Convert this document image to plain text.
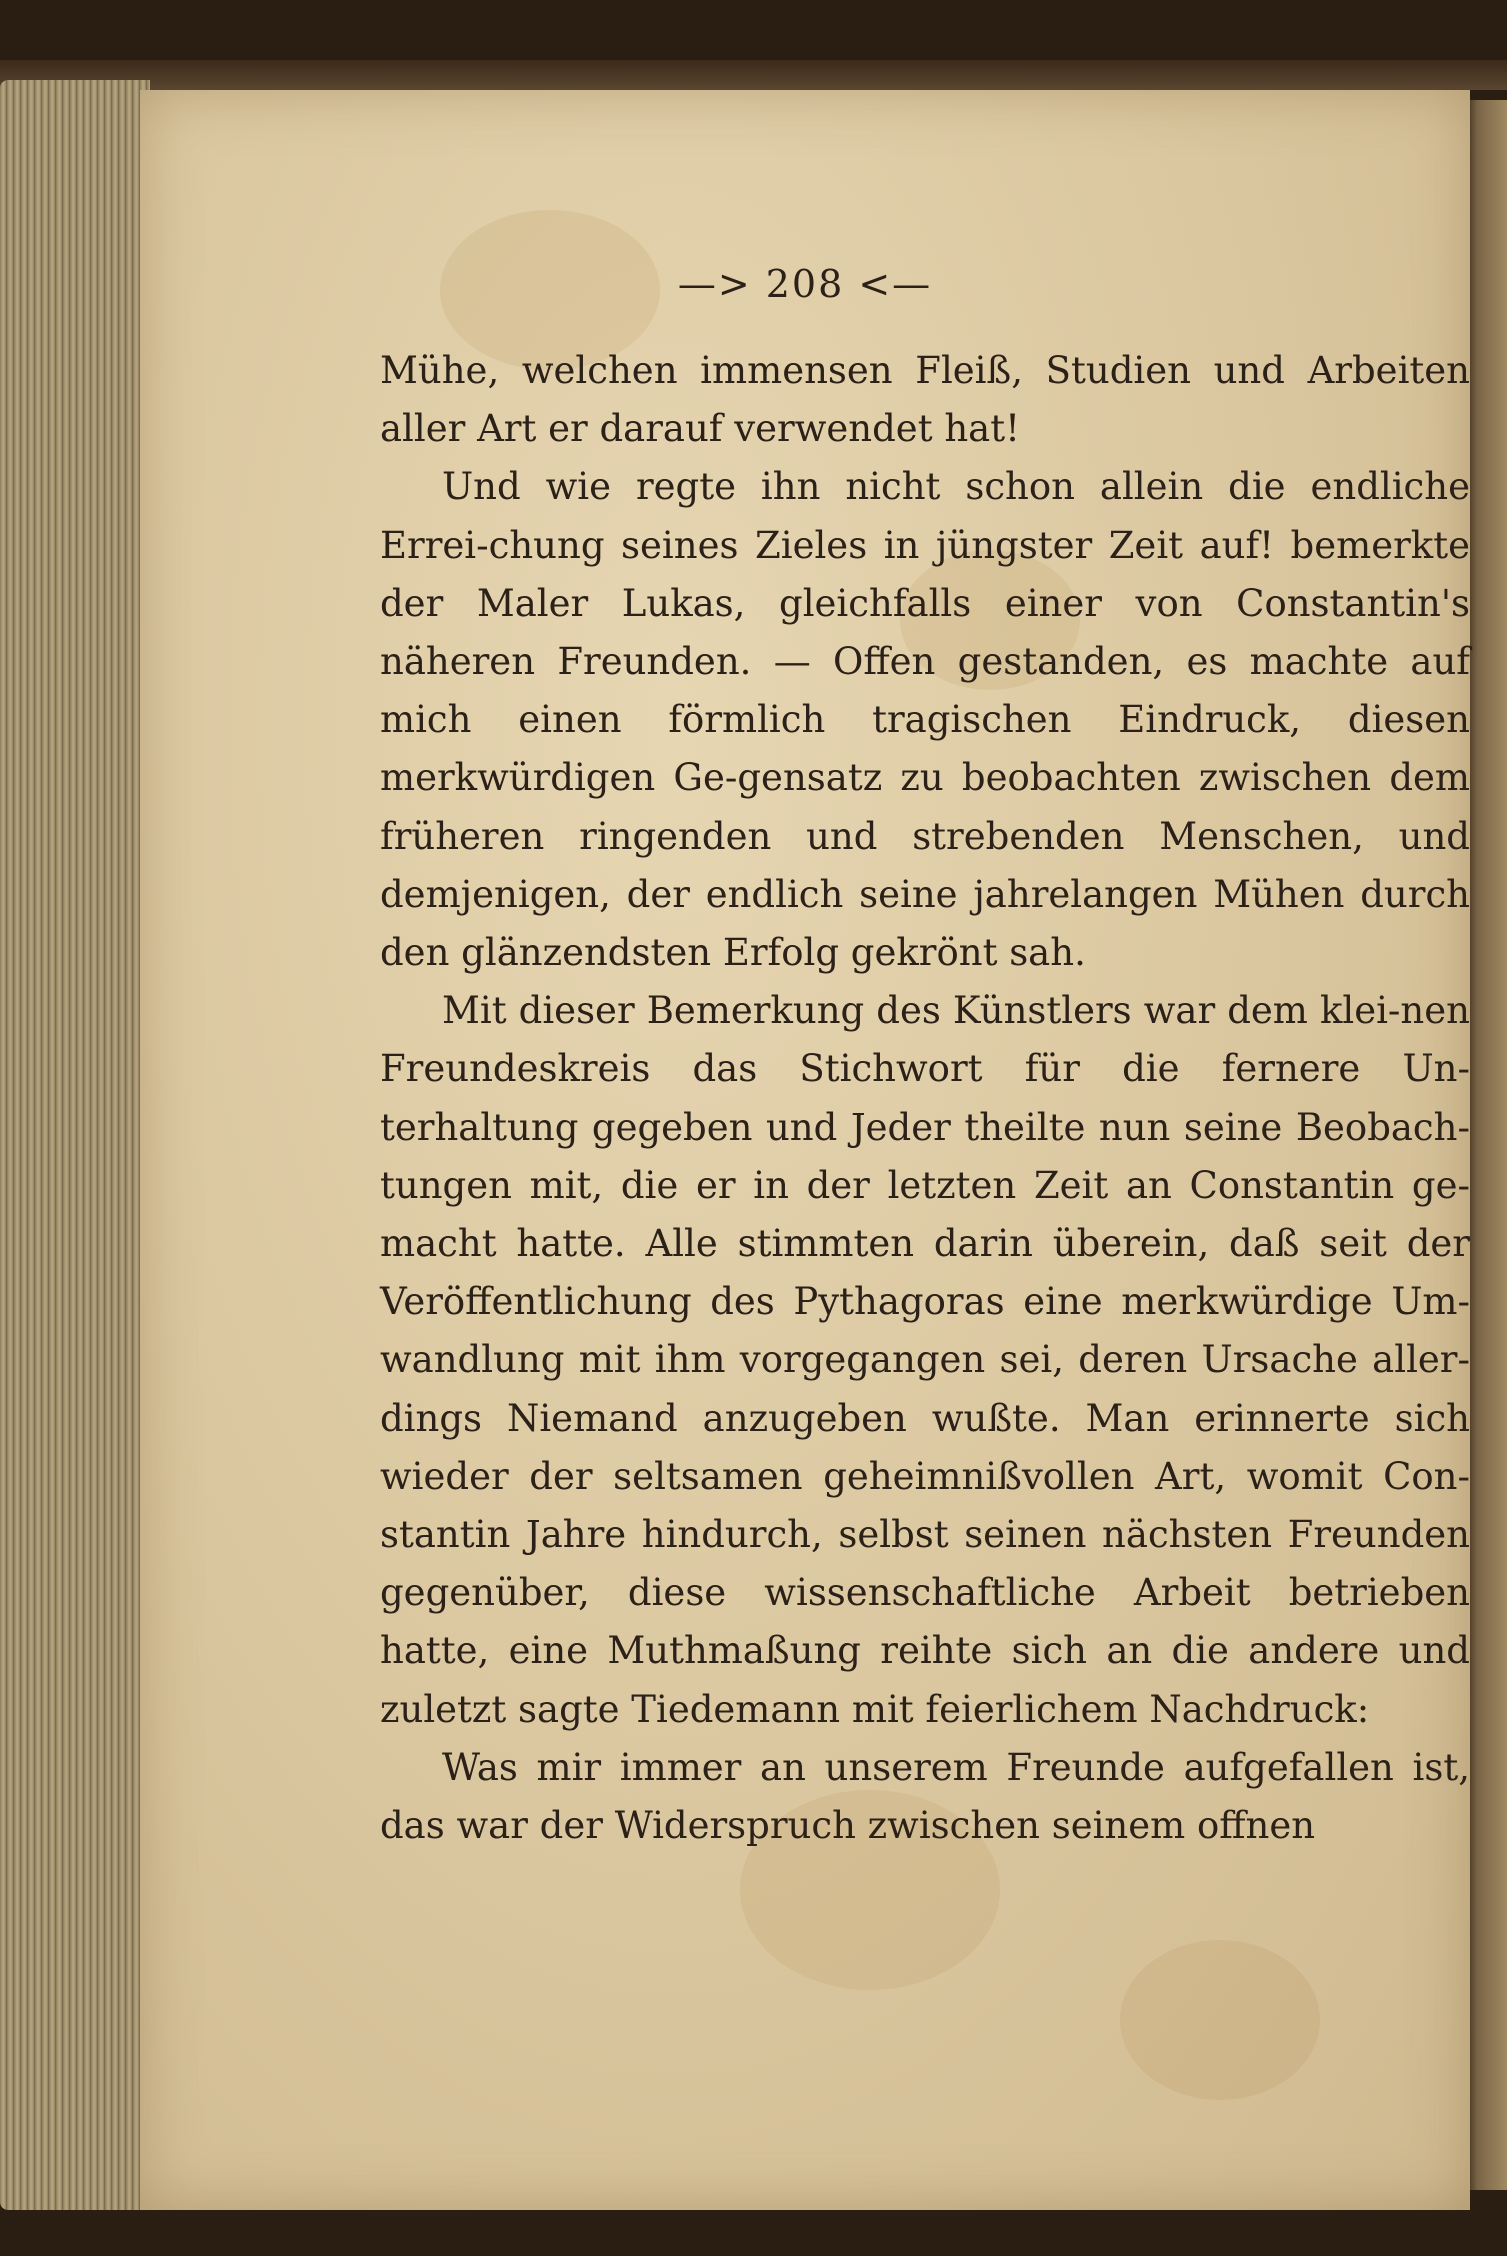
—> 208 <—

Mühe, welchen immensen Fleiß, Studien und Arbeiten aller Art er darauf verwendet hat!

Und wie regte ihn nicht schon allein die endliche Errei-chung seines Zieles in jüngster Zeit auf! bemerkte der Maler Lukas, gleichfalls einer von Constantin's näheren Freunden. — Offen gestanden, es machte auf mich einen förmlich tragischen Eindruck, diesen merkwürdigen Ge-gensatz zu beobachten zwischen dem früheren ringenden und strebenden Menschen, und demjenigen, der endlich seine jahrelangen Mühen durch den glänzendsten Erfolg gekrönt sah.

Mit dieser Bemerkung des Künstlers war dem klei-nen Freundeskreis das Stichwort für die fernere Un-terhaltung gegeben und Jeder theilte nun seine Beobach-tungen mit, die er in der letzten Zeit an Constantin ge-macht hatte. Alle stimmten darin überein, daß seit der Veröffentlichung des Pythagoras eine merkwürdige Um-wandlung mit ihm vorgegangen sei, deren Ursache aller-dings Niemand anzugeben wußte. Man erinnerte sich wieder der seltsamen geheimnißvollen Art, womit Con-stantin Jahre hindurch, selbst seinen nächsten Freunden gegenüber, diese wissenschaftliche Arbeit betrieben hatte, eine Muthmaßung reihte sich an die andere und zuletzt sagte Tiedemann mit feierlichem Nachdruck:

Was mir immer an unserem Freunde aufgefallen ist, das war der Widerspruch zwischen seinem offnen
